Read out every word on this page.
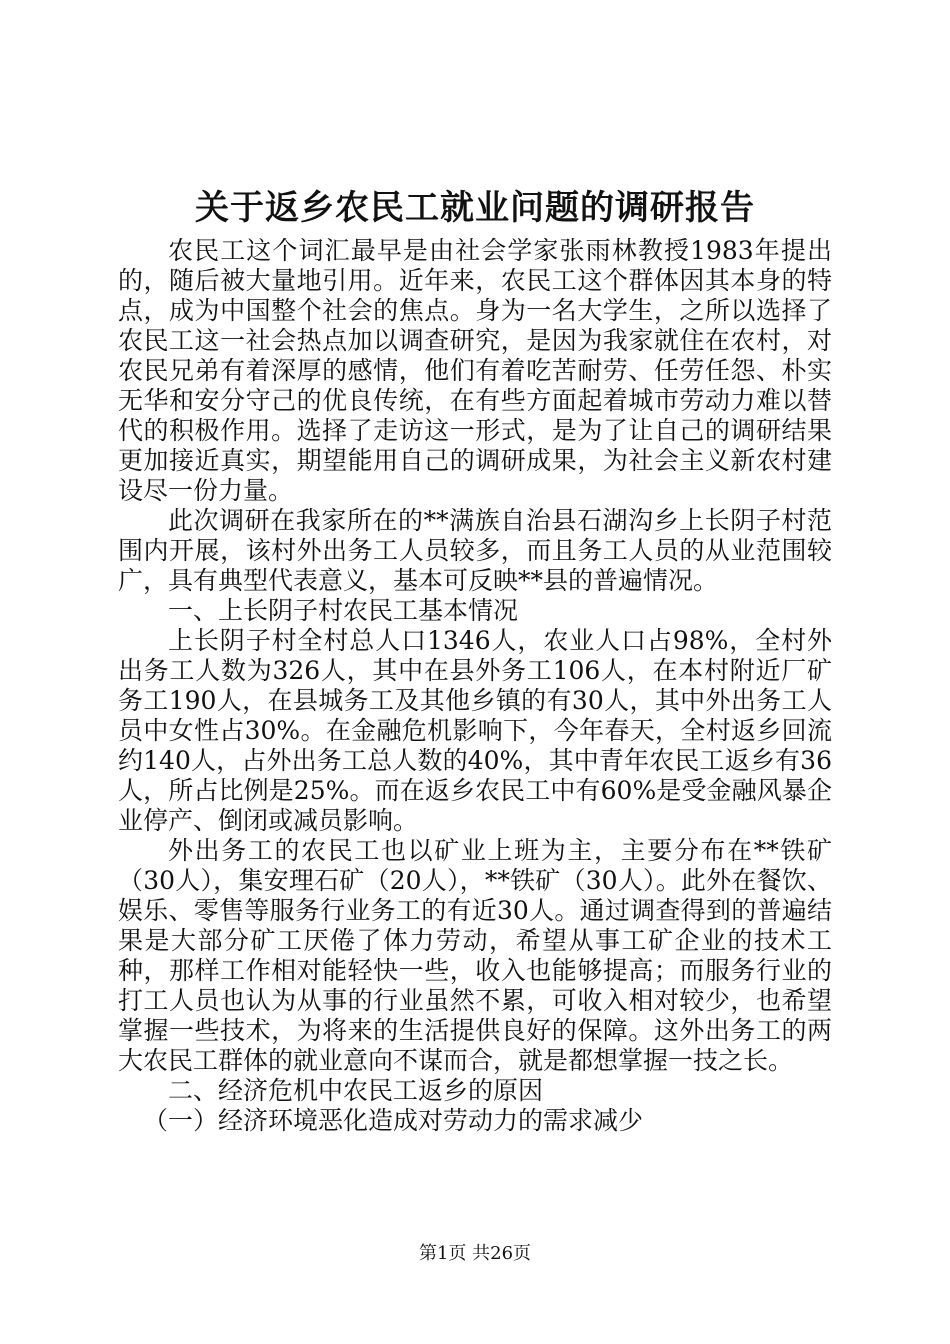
关于返乡农民工就业问题的调研报告

农民工这个词汇最早是由社会学家张雨林教授1983年提出的，随后被大量地引用。近年来，农民工这个群体因其本身的特点，成为中国整个社会的焦点。身为一名大学生，之所以选择了农民工这一社会热点加以调查研究，是因为我家就住在农村，对农民兄弟有着深厚的感情，他们有着吃苦耐劳、任劳任怨、朴实无华和安分守己的优良传统，在有些方面起着城市劳动力难以替代的积极作用。选择了走访这一形式，是为了让自己的调研结果更加接近真实，期望能用自己的调研成果，为社会主义新农村建设尽一份力量。

此次调研在我家所在的**满族自治县石湖沟乡上长阴子村范围内开展，该村外出务工人员较多，而且务工人员的从业范围较广，具有典型代表意义，基本可反映**县的普遍情况。

一、上长阴子村农民工基本情况

上长阴子村全村总人口1346人，农业人口占98%，全村外出务工人数为326人，其中在县外务工106人，在本村附近厂矿务工190人，在县城务工及其他乡镇的有30人，其中外出务工人员中女性占30%。在金融危机影响下，今年春天，全村返乡回流约140人，占外出务工总人数的40%，其中青年农民工返乡有36人，所占比例是25%。而在返乡农民工中有60%是受金融风暴企业停产、倒闭或减员影响。

外出务工的农民工也以矿业上班为主，主要分布在**铁矿（30人），集安理石矿（20人），**铁矿（30人）。此外在餐饮、娱乐、零售等服务行业务工的有近30人。通过调查得到的普遍结果是大部分矿工厌倦了体力劳动，希望从事工矿企业的技术工种，那样工作相对能轻快一些，收入也能够提高；而服务行业的打工人员也认为从事的行业虽然不累，可收入相对较少，也希望掌握一些技术，为将来的生活提供良好的保障。这外出务工的两大农民工群体的就业意向不谋而合，就是都想掌握一技之长。

二、经济危机中农民工返乡的原因

（一）经济环境恶化造成对劳动力的需求减少

第1页 共26页
